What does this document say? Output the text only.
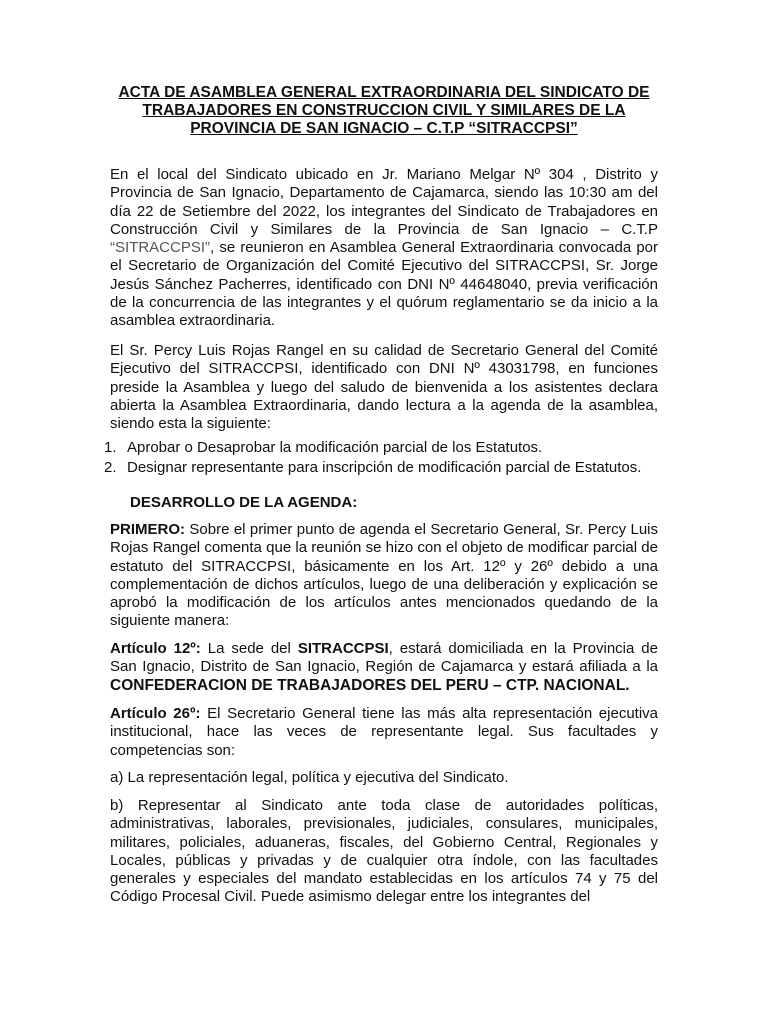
ACTA DE ASAMBLEA GENERAL EXTRAORDINARIA DEL SINDICATO DE
TRABAJADORES EN CONSTRUCCION CIVIL Y SIMILARES DE LA
PROVINCIA DE SAN IGNACIO – C.T.P “SITRACCPSI”

En el local del Sindicato ubicado en Jr. Mariano Melgar Nº 304 , Distrito y Provincia de San Ignacio, Departamento de Cajamarca, siendo las 10:30 am del día 22 de Setiembre del 2022, los integrantes del Sindicato de Trabajadores en Construcción Civil y Similares de la Provincia de San Ignacio – C.T.P “SITRACCPSI”, se reunieron en Asamblea General Extraordinaria convocada por el Secretario de Organización del Comité Ejecutivo del SITRACCPSI, Sr. Jorge Jesús Sánchez Pacherres, identificado con DNI Nº 44648040, previa verificación de la concurrencia de las integrantes y el quórum reglamentario se da inicio a la asamblea extraordinaria.

El Sr. Percy Luis Rojas Rangel en su calidad de Secretario General del Comité Ejecutivo del SITRACCPSI, identificado con DNI Nº 43031798, en funciones preside la Asamblea y luego del saludo de bienvenida a los asistentes declara abierta la Asamblea Extraordinaria, dando lectura a la agenda de la asamblea, siendo esta la siguiente:

1. Aprobar o Desaprobar la modificación parcial de los Estatutos.
2. Designar representante para inscripción de modificación parcial de Estatutos.
DESARROLLO DE LA AGENDA:

PRIMERO: Sobre el primer punto de agenda el Secretario General, Sr. Percy Luis Rojas Rangel comenta que la reunión se hizo con el objeto de modificar parcial de estatuto del SITRACCPSI, básicamente en los Art. 12º y 26º debido a una complementación de dichos artículos, luego de una deliberación y explicación se aprobó la modificación de los artículos antes mencionados quedando de la siguiente manera:

Artículo 12º: La sede del SITRACCPSI, estará domiciliada en la Provincia de San Ignacio, Distrito de San Ignacio, Región de Cajamarca y estará afiliada a la CONFEDERACION DE TRABAJADORES DEL PERU – CTP. NACIONAL.

Artículo 26º: El Secretario General tiene las más alta representación ejecutiva institucional, hace las veces de representante legal. Sus facultades y competencias son:

a) La representación legal, política y ejecutiva del Sindicato.

b) Representar al Sindicato ante toda clase de autoridades políticas, administrativas, laborales, previsionales, judiciales, consulares, municipales, militares, policiales, aduaneras, fiscales, del Gobierno Central, Regionales y Locales, públicas y privadas y de cualquier otra índole, con las facultades generales y especiales del mandato establecidas en los artículos 74 y 75 del Código Procesal Civil. Puede asimismo delegar entre los integrantes del
